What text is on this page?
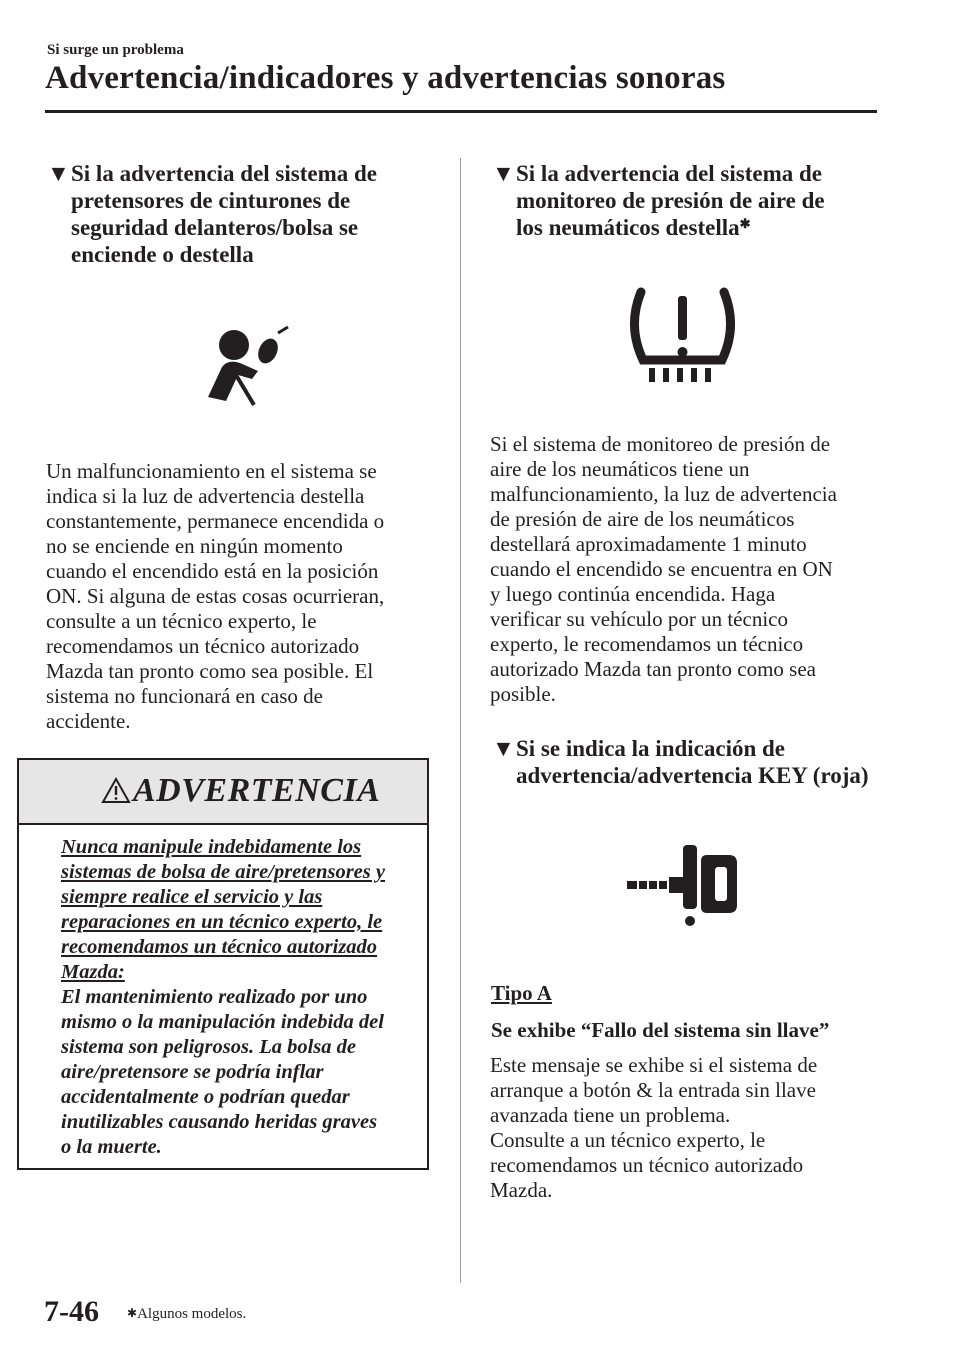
Si surge un problema
Advertencia/indicadores y advertencias sonoras
▼ Si la advertencia del sistema de
pretensores de cinturones de
seguridad delanteros/bolsa se
enciende o destella
Un malfuncionamiento en el sistema se
indica si la luz de advertencia destella
constantemente, permanece encendida o
no se enciende en ningún momento
cuando el encendido está en la posición
ON. Si alguna de estas cosas ocurrieran,
consulte a un técnico experto, le
recomendamos un técnico autorizado
Mazda tan pronto como sea posible. El
sistema no funcionará en caso de
accidente.
ADVERTENCIA
Nunca manipule indebidamente los
sistemas de bolsa de aire/pretensores y
siempre realice el servicio y las
reparaciones en un técnico experto, le
recomendamos un técnico autorizado
Mazda:
El mantenimiento realizado por uno
mismo o la manipulación indebida del
sistema son peligrosos. La bolsa de
aire/pretensore se podría inflar
accidentalmente o podrían quedar
inutilizables causando heridas graves
o la muerte.
▼ Si la advertencia del sistema de
monitoreo de presión de aire de
los neumáticos destella✱
Si el sistema de monitoreo de presión de
aire de los neumáticos tiene un
malfuncionamiento, la luz de advertencia
de presión de aire de los neumáticos
destellará aproximadamente 1 minuto
cuando el encendido se encuentra en ON
y luego continúa encendida. Haga
verificar su vehículo por un técnico
experto, le recomendamos un técnico
autorizado Mazda tan pronto como sea
posible.
▼ Si se indica la indicación de
advertencia/advertencia KEY (roja)
Tipo A
Se exhibe “Fallo del sistema sin llave”
Este mensaje se exhibe si el sistema de
arranque a botón & la entrada sin llave
avanzada tiene un problema.
Consulte a un técnico experto, le
recomendamos un técnico autorizado
Mazda.
7-46 ✱Algunos modelos.
